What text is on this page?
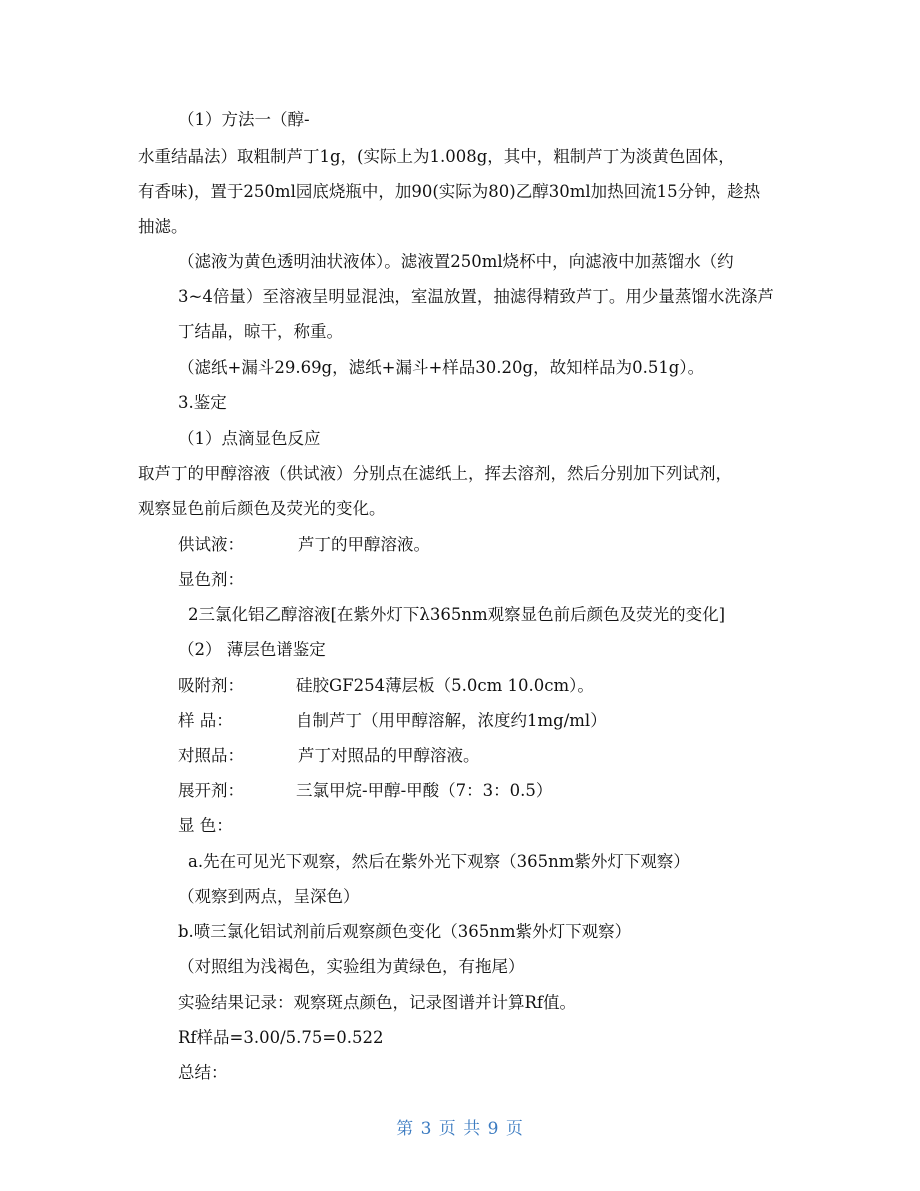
（1）方法一（醇-
水重结晶法）取粗制芦丁1g，(实际上为1.008g，其中，粗制芦丁为淡黄色固体，
有香味)，置于250ml园底烧瓶中，加90(实际为80)乙醇30ml加热回流15分钟，趁热
抽滤。
（滤液为黄色透明油状液体）。滤液置250ml烧杯中，向滤液中加蒸馏水（约
3~4倍量）至溶液呈明显混浊，室温放置，抽滤得精致芦丁。用少量蒸馏水洗涤芦
丁结晶，晾干，称重。
（滤纸+漏斗29.69g，滤纸+漏斗+样品30.20g，故知样品为0.51g）。
3.鉴定
（1）点滴显色反应
取芦丁的甲醇溶液（供试液）分别点在滤纸上，挥去溶剂，然后分别加下列试剂，
观察显色前后颜色及荧光的变化。
供试液：	芦丁的甲醇溶液。
显色剂：
2三氯化铝乙醇溶液[在紫外灯下λ365nm观察显色前后颜色及荧光的变化]
（2） 薄层色谱鉴定
吸附剂：	硅胶GF254薄层板（5.0cm 10.0cm）。
样 品：	自制芦丁（用甲醇溶解，浓度约1mg/ml）
对照品：	芦丁对照品的甲醇溶液。
展开剂：	三氯甲烷-甲醇-甲酸（7：3：0.5）
显 色：
a.先在可见光下观察，然后在紫外光下观察（365nm紫外灯下观察）
（观察到两点，呈深色）
b.喷三氯化铝试剂前后观察颜色变化（365nm紫外灯下观察）
（对照组为浅褐色，实验组为黄绿色，有拖尾）
实验结果记录：观察斑点颜色，记录图谱并计算Rf值。
Rf样品=3.00/5.75=0.522
总结：
第 3 页 共 9 页
